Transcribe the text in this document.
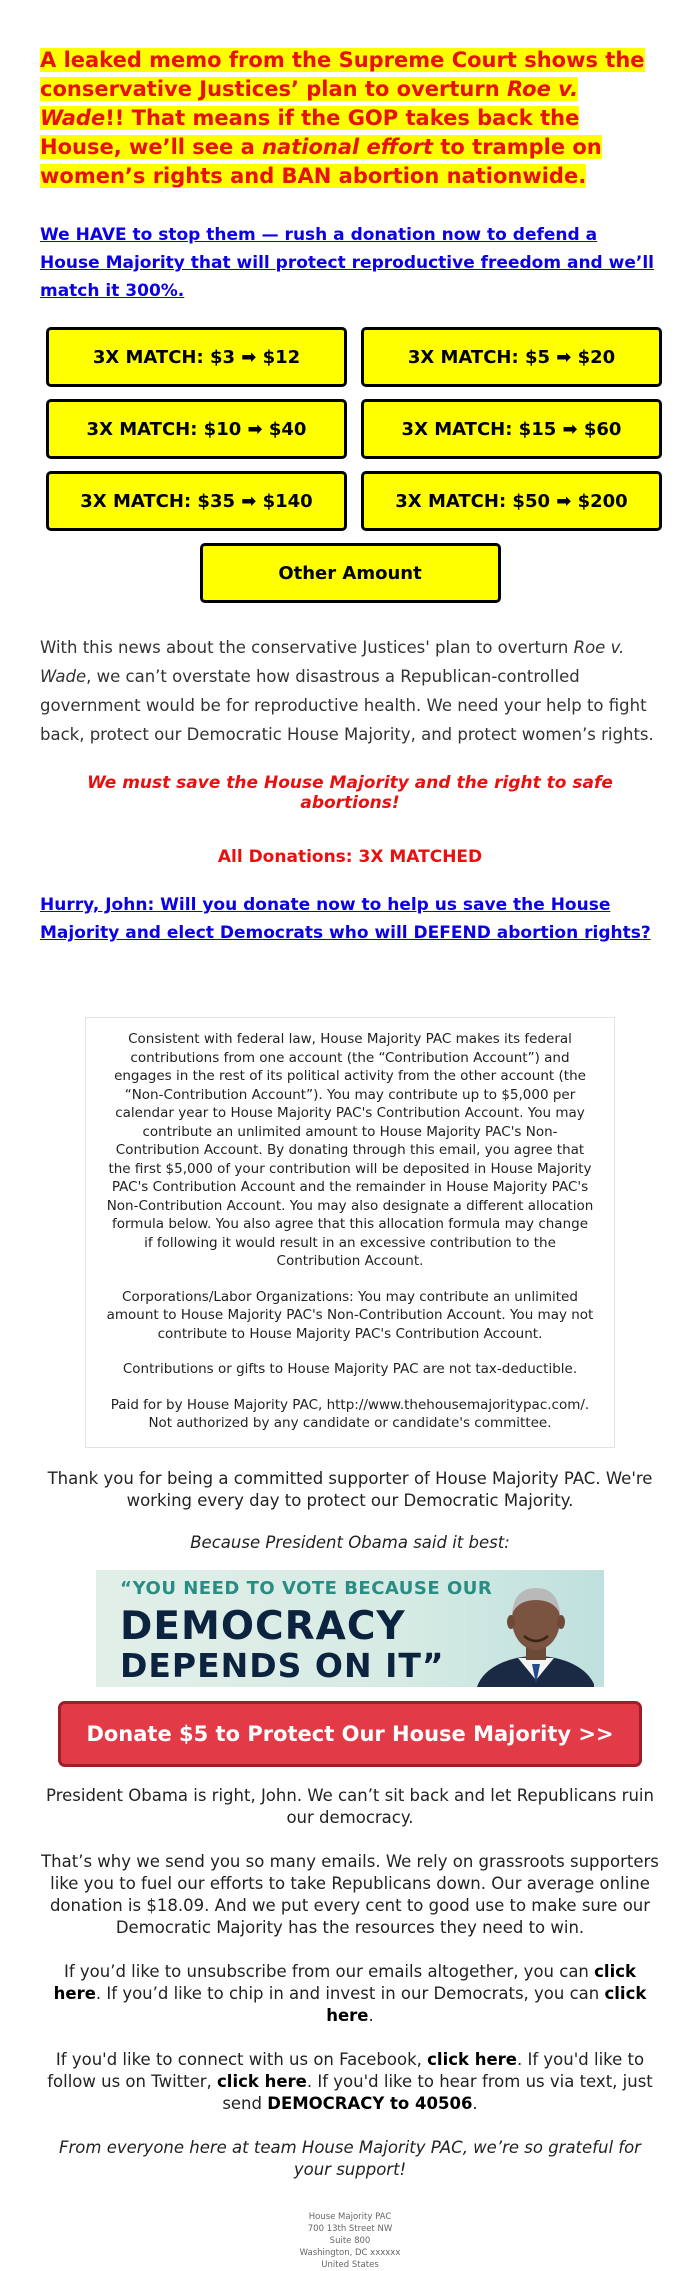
A leaked memo from the Supreme Court shows the conservative Justices’ plan to overturn Roe v. Wade!! That means if the GOP takes back the House, we’ll see a national effort to trample on women’s rights and BAN abortion nationwide.
We HAVE to stop them — rush a donation now to defend a House Majority that will protect reproductive freedom and we’ll match it 300%.
3X MATCH: $3 ➡ $12	3X MATCH: $5 ➡ $20
3X MATCH: $10 ➡ $40	3X MATCH: $15 ➡ $60
3X MATCH: $35 ➡ $140	3X MATCH: $50 ➡ $200
Other Amount
With this news about the conservative Justices' plan to overturn Roe v. Wade, we can’t overstate how disastrous a Republican-controlled government would be for reproductive health. We need your help to fight back, protect our Democratic House Majority, and protect women’s rights.
We must save the House Majority and the right to safe abortions!
All Donations: 3X MATCHED
Hurry, John: Will you donate now to help us save the House Majority and elect Democrats who will DEFEND abortion rights?

Consistent with federal law, House Majority PAC makes its federal contributions from one account (the “Contribution Account”) and engages in the rest of its political activity from the other account (the “Non-Contribution Account”). You may contribute up to $5,000 per calendar year to House Majority PAC's Contribution Account. You may contribute an unlimited amount to House Majority PAC's Non-Contribution Account. By donating through this email, you agree that the first $5,000 of your contribution will be deposited in House Majority PAC's Contribution Account and the remainder in House Majority PAC's Non-Contribution Account. You may also designate a different allocation formula below. You also agree that this allocation formula may change if following it would result in an excessive contribution to the Contribution Account.

Corporations/Labor Organizations: You may contribute an unlimited amount to House Majority PAC's Non-Contribution Account. You may not contribute to House Majority PAC's Contribution Account.

Contributions or gifts to House Majority PAC are not tax-deductible.

Paid for by House Majority PAC, http://www.thehousemajoritypac.com/. Not authorized by any candidate or candidate's committee.

Thank you for being a committed supporter of House Majority PAC. We're working every day to protect our Democratic Majority.
Because President Obama said it best:
“YOU NEED TO VOTE BECAUSE OUR
DEMOCRACY
DEPENDS ON IT”
Donate $5 to Protect Our House Majority >>

President Obama is right, John. We can’t sit back and let Republicans ruin our democracy.

That’s why we send you so many emails. We rely on grassroots supporters like you to fuel our efforts to take Republicans down. Our average online donation is $18.09. And we put every cent to good use to make sure our Democratic Majority has the resources they need to win.

If you’d like to unsubscribe from our emails altogether, you can click here. If you’d like to chip in and invest in our Democrats, you can click here.

If you'd like to connect with us on Facebook, click here. If you'd like to follow us on Twitter, click here. If you'd like to hear from us via text, just send DEMOCRACY to 40506.

From everyone here at team House Majority PAC, we’re so grateful for your support!

House Majority PAC
700 13th Street NW
Suite 800
Washington, DC xxxxxx
United States
